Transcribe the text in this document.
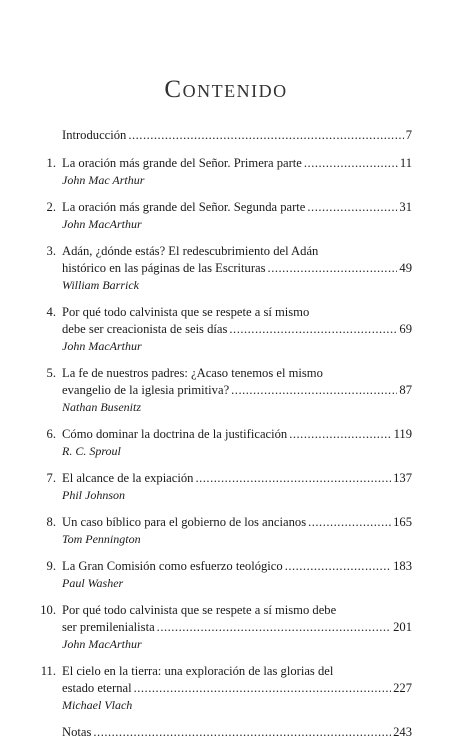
Contenido
Introducción .....	7
1. La oración más grande del Señor. Primera parte .....	11
John Mac Arthur
2. La oración más grande del Señor. Segunda parte .....	31
John MacArthur
3. Adán, ¿dónde estás? El redescubrimiento del Adán
histórico en las páginas de las Escrituras .....	49
William Barrick
4. Por qué todo calvinista que se respete a sí mismo
debe ser creacionista de seis días .....	69
John MacArthur
5. La fe de nuestros padres: ¿Acaso tenemos el mismo
evangelio de la iglesia primitiva? .....	87
Nathan Busenitz
6. Cómo dominar la doctrina de la justificación .....	119
R. C. Sproul
7. El alcance de la expiación .....	137
Phil Johnson
8. Un caso bíblico para el gobierno de los ancianos .....	165
Tom Pennington
9. La Gran Comisión como esfuerzo teológico .....	183
Paul Washer
10. Por qué todo calvinista que se respete a sí mismo debe
ser premilenialista .....	201
John MacArthur
11. El cielo en la tierra: una exploración de las glorias del
estado eternal .....	227
Michael Vlach
Notas .....	243
